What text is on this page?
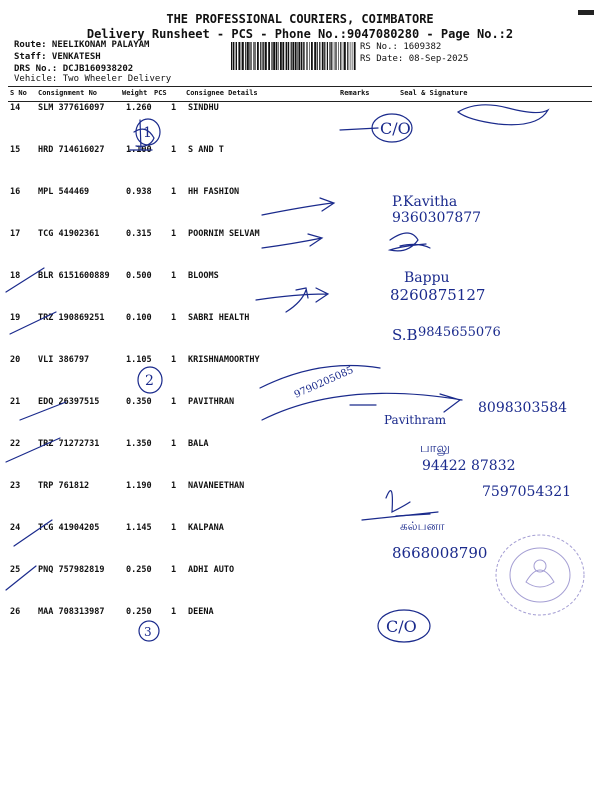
THE PROFESSIONAL COURIERS, COIMBATORE
Delivery Runsheet - PCS - Phone No.:9047080280 - Page No.:2
Route: NEELIKONAM PALAYAM
Staff: VENKATESH
DRS No.: DCJB160938202
Vehicle: Two Wheeler Delivery
RS No.: 1609382
RS Date: 08-Sep-2025
S No Consignment No	Weight PCS	Consignee Details	Remarks	Seal & Signature
14 SLM 377616097	1.260 1 SINDHU
15 HRD 714616027	1.100 1 S AND T
16 MPL 544469	0.938 1 HH FASHION
17 TCG 41902361	0.315 1 POORNIM SELVAM
18 BLR 6151600889 0.500 1 BLOOMS
19 TRZ 190869251	0.100 1 SABRI HEALTH
20 VLI 386797	1.105 1 KRISHNAMOORTHY
21 EDQ 26397515	0.350 1 PAVITHRAN
22 TRZ 71272731	1.350 1 BALA
23 TRP 761812	1.190 1 NAVANEETHAN
24 TCG 41904205	1.145 1 KALPANA
25 PNQ 757982819	0.250 1 ADHI AUTO
26 MAA 708313987	0.250 1 DEENA
1
2
3
C/O
P.Kavitha
9360307877
Bappu
8260875127
S.B 9845655076
9790205085
Pavithram
8098303584
பாலு
94422 87832
7597054321
கல்பனா
8668008790
C/O
